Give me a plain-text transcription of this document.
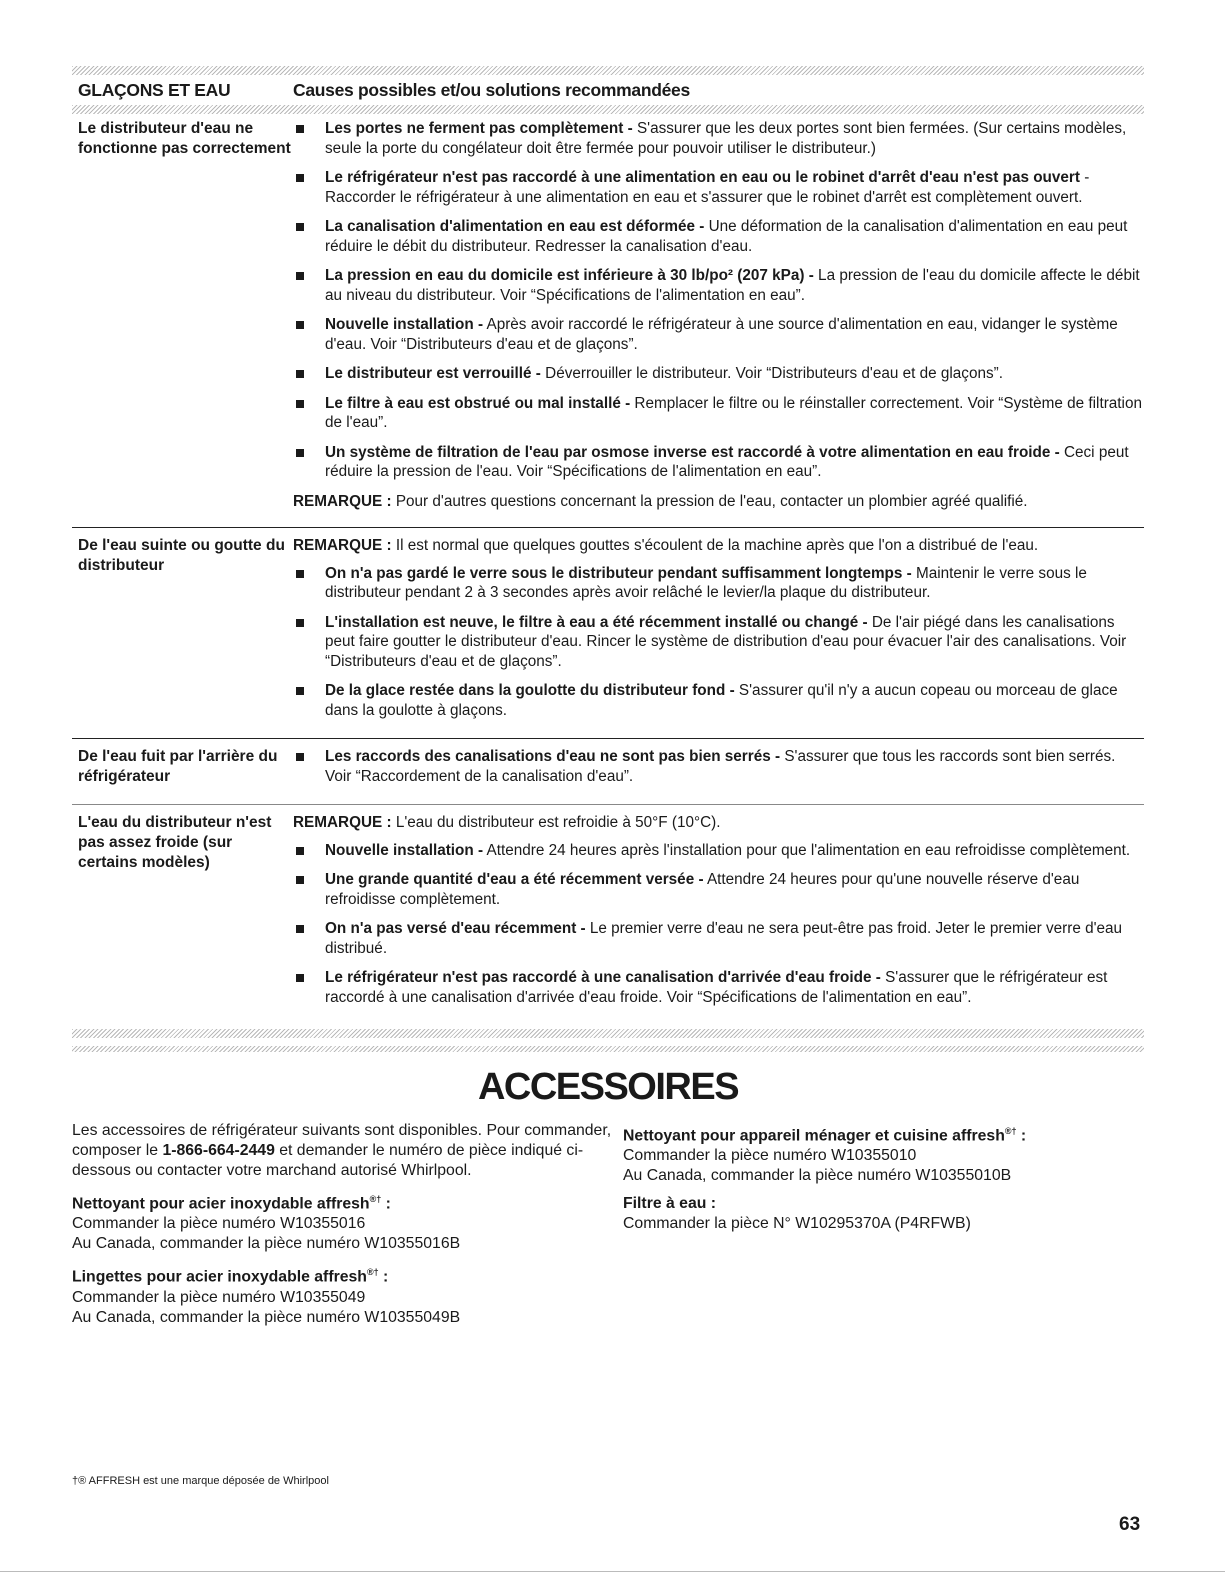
GLAÇONS ET EAU	Causes possibles et/ou solutions recommandées
Le distributeur d'eau ne fonctionne pas correctement
Les portes ne ferment pas complètement - S'assurer que les deux portes sont bien fermées. (Sur certains modèles, seule la porte du congélateur doit être fermée pour pouvoir utiliser le distributeur.)
Le réfrigérateur n'est pas raccordé à une alimentation en eau ou le robinet d'arrêt d'eau n'est pas ouvert - Raccorder le réfrigérateur à une alimentation en eau et s'assurer que le robinet d'arrêt est complètement ouvert.
La canalisation d'alimentation en eau est déformée - Une déformation de la canalisation d'alimentation en eau peut réduire le débit du distributeur. Redresser la canalisation d'eau.
La pression en eau du domicile est inférieure à 30 lb/po² (207 kPa) - La pression de l'eau du domicile affecte le débit au niveau du distributeur. Voir “Spécifications de l'alimentation en eau”.
Nouvelle installation - Après avoir raccordé le réfrigérateur à une source d'alimentation en eau, vidanger le système d'eau. Voir “Distributeurs d'eau et de glaçons”.
Le distributeur est verrouillé - Déverrouiller le distributeur. Voir “Distributeurs d'eau et de glaçons”.
Le filtre à eau est obstrué ou mal installé - Remplacer le filtre ou le réinstaller correctement. Voir “Système de filtration de l'eau”.
Un système de filtration de l'eau par osmose inverse est raccordé à votre alimentation en eau froide - Ceci peut réduire la pression de l'eau. Voir “Spécifications de l'alimentation en eau”.
REMARQUE : Pour d'autres questions concernant la pression de l'eau, contacter un plombier agréé qualifié.
De l'eau suinte ou goutte du distributeur
REMARQUE : Il est normal que quelques gouttes s'écoulent de la machine après que l'on a distribué de l'eau.
On n'a pas gardé le verre sous le distributeur pendant suffisamment longtemps - Maintenir le verre sous le distributeur pendant 2 à 3 secondes après avoir relâché le levier/la plaque du distributeur.
L'installation est neuve, le filtre à eau a été récemment installé ou changé - De l'air piégé dans les canalisations peut faire goutter le distributeur d'eau. Rincer le système de distribution d'eau pour évacuer l'air des canalisations. Voir “Distributeurs d'eau et de glaçons”.
De la glace restée dans la goulotte du distributeur fond - S'assurer qu'il n'y a aucun copeau ou morceau de glace dans la goulotte à glaçons.
De l'eau fuit par l'arrière du réfrigérateur
Les raccords des canalisations d'eau ne sont pas bien serrés - S'assurer que tous les raccords sont bien serrés. Voir “Raccordement de la canalisation d'eau”.
L'eau du distributeur n'est pas assez froide (sur certains modèles)
REMARQUE : L'eau du distributeur est refroidie à 50°F (10°C).
Nouvelle installation - Attendre 24 heures après l'installation pour que l'alimentation en eau refroidisse complètement.
Une grande quantité d'eau a été récemment versée - Attendre 24 heures pour qu'une nouvelle réserve d'eau refroidisse complètement.
On n'a pas versé d'eau récemment - Le premier verre d'eau ne sera peut-être pas froid. Jeter le premier verre d'eau distribué.
Le réfrigérateur n'est pas raccordé à une canalisation d'arrivée d'eau froide - S'assurer que le réfrigérateur est raccordé à une canalisation d'arrivée d'eau froide. Voir “Spécifications de l'alimentation en eau”.
ACCESSOIRES

Les accessoires de réfrigérateur suivants sont disponibles. Pour commander, composer le 1-866-664-2449 et demander le numéro de pièce indiqué ci-dessous ou contacter votre marchand autorisé Whirlpool.

Nettoyant pour acier inoxydable affresh®† :
Commander la pièce numéro W10355016
Au Canada, commander la pièce numéro W10355016B
Lingettes pour acier inoxydable affresh®† :
Commander la pièce numéro W10355049
Au Canada, commander la pièce numéro W10355049B
Nettoyant pour appareil ménager et cuisine affresh®† :
Commander la pièce numéro W10355010
Au Canada, commander la pièce numéro W10355010B
Filtre à eau :
Commander la pièce N° W10295370A (P4RFWB)
†® AFFRESH est une marque déposée de Whirlpool
63
